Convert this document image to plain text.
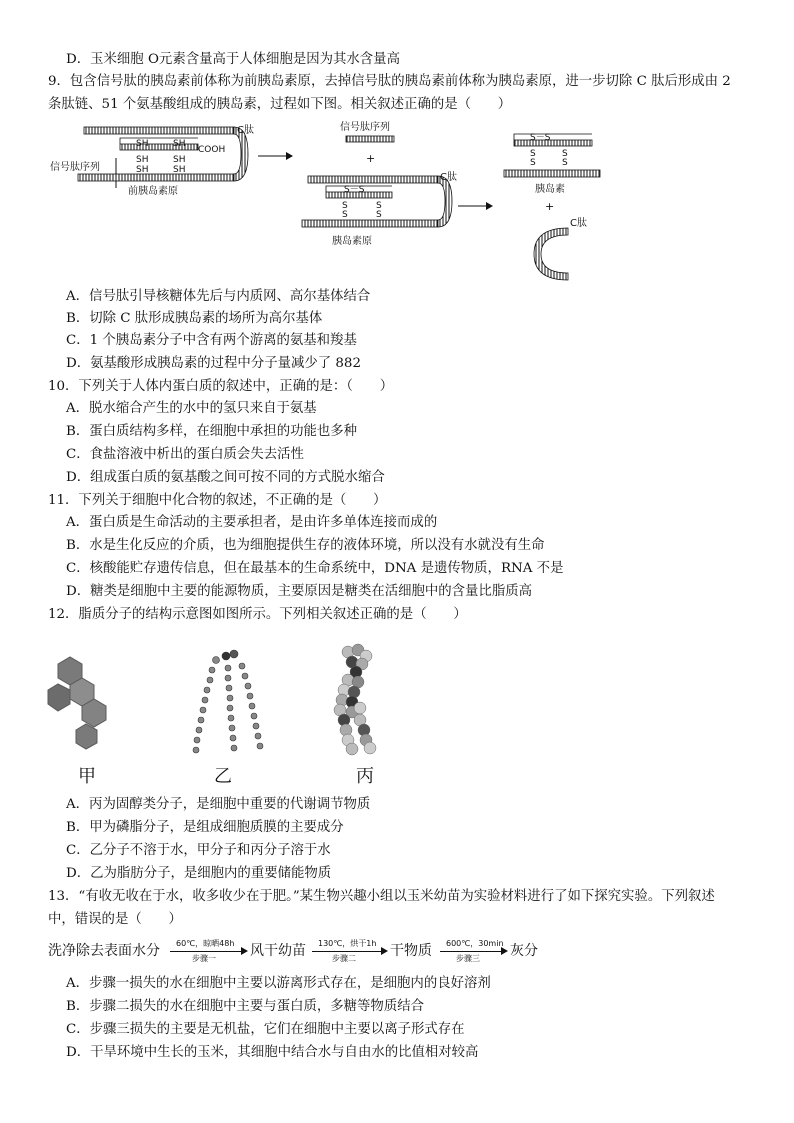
D．玉米细胞 O元素含量高于人体细胞是因为其水含量高
9．包含信号肽的胰岛素前体称为前胰岛素原，去掉信号肽的胰岛素前体称为胰岛素原，进一步切除 C 肽后形成由 2
条肽链、51 个氨基酸组成的胰岛素，过程如下图。相关叙述正确的是（　　）
SH	SH
COOH
SH	SH
SH	SH
C肽
信号肽序列
前胰岛素原
信号肽序列
+
S－S
S
S
S
S
C肽
胰岛素原
S－S
S
S
S
S
胰岛素
+
C肽
A．信号肽引导核糖体先后与内质网、高尔基体结合
B．切除 C 肽形成胰岛素的场所为高尔基体
C．1 个胰岛素分子中含有两个游离的氨基和羧基
D．氨基酸形成胰岛素的过程中分子量减少了 882
10．下列关于人体内蛋白质的叙述中，正确的是：（　　）
A．脱水缩合产生的水中的氢只来自于氨基
B．蛋白质结构多样，在细胞中承担的功能也多种
C．食盐溶液中析出的蛋白质会失去活性
D．组成蛋白质的氨基酸之间可按不同的方式脱水缩合
11．下列关于细胞中化合物的叙述，不正确的是（　　）
A．蛋白质是生命活动的主要承担者，是由许多单体连接而成的
B．水是生化反应的介质，也为细胞提供生存的液体环境，所以没有水就没有生命
C．核酸能贮存遗传信息，但在最基本的生命系统中，DNA 是遗传物质，RNA 不是
D．糖类是细胞中主要的能源物质，主要原因是糖类在活细胞中的含量比脂质高
12．脂质分子的结构示意图如图所示。下列相关叙述正确的是（　　）
甲	乙	丙
A．丙为固醇类分子，是细胞中重要的代谢调节物质
B．甲为磷脂分子，是组成细胞质膜的主要成分
C．乙分子不溶于水，甲分子和丙分子溶于水
D．乙为脂肪分子，是细胞内的重要储能物质
13．“有收无收在于水，收多收少在于肥。”某生物兴趣小组以玉米幼苗为实验材料进行了如下探究实验。下列叙述
中，错误的是（　　）
洗净除去表面水分 60℃，晾晒48h
步骤一 风干幼苗 130℃，烘干1h
步骤二 干物质 600℃，30min
步骤三 灰分
A．步骤一损失的水在细胞中主要以游离形式存在，是细胞内的良好溶剂
B．步骤二损失的水在细胞中主要与蛋白质，多糖等物质结合
C．步骤三损失的主要是无机盐，它们在细胞中主要以离子形式存在
D．干旱环境中生长的玉米，其细胞中结合水与自由水的比值相对较高
